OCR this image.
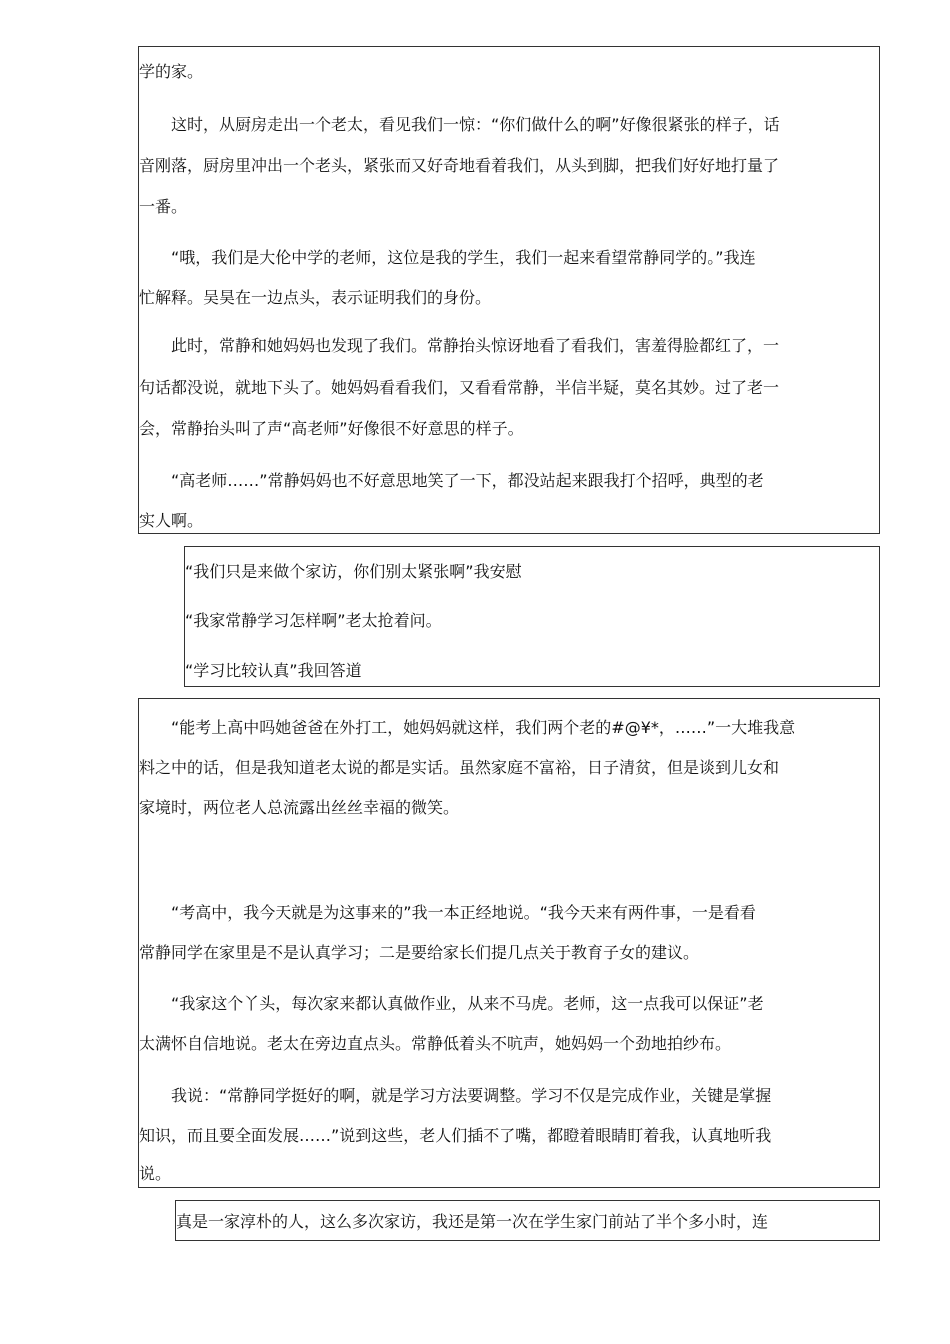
学的家。

这时，从厨房走出一个老太，看见我们一惊：“你们做什么的啊”好像很紧张的样子，话

音刚落，厨房里冲出一个老头，紧张而又好奇地看着我们，从头到脚，把我们好好地打量了

一番。

“哦，我们是大伦中学的老师，这位是我的学生，我们一起来看望常静同学的。”我连

忙解释。吴昊在一边点头，表示证明我们的身份。

此时，常静和她妈妈也发现了我们。常静抬头惊讶地看了看我们，害羞得脸都红了，一

句话都没说，就地下头了。她妈妈看看我们，又看看常静，半信半疑，莫名其妙。过了老一

会，常静抬头叫了声“高老师”好像很不好意思的样子。

“高老师……”常静妈妈也不好意思地笑了一下，都没站起来跟我打个招呼，典型的老

实人啊。

“我们只是来做个家访，你们别太紧张啊”我安慰

“我家常静学习怎样啊”老太抢着问。

“学习比较认真”我回答道

“能考上高中吗她爸爸在外打工，她妈妈就这样，我们两个老的#@¥*，……”一大堆我意

料之中的话，但是我知道老太说的都是实话。虽然家庭不富裕，日子清贫，但是谈到儿女和

家境时，两位老人总流露出丝丝幸福的微笑。

“考高中，我今天就是为这事来的”我一本正经地说。“我今天来有两件事，一是看看

常静同学在家里是不是认真学习；二是要给家长们提几点关于教育子女的建议。

“我家这个丫头，每次家来都认真做作业，从来不马虎。老师，这一点我可以保证”老

太满怀自信地说。老太在旁边直点头。常静低着头不吭声，她妈妈一个劲地拍纱布。

我说：“常静同学挺好的啊，就是学习方法要调整。学习不仅是完成作业，关键是掌握

知识，而且要全面发展……”说到这些，老人们插不了嘴，都瞪着眼睛盯着我，认真地听我

说。

真是一家淳朴的人，这么多次家访，我还是第一次在学生家门前站了半个多小时，连
